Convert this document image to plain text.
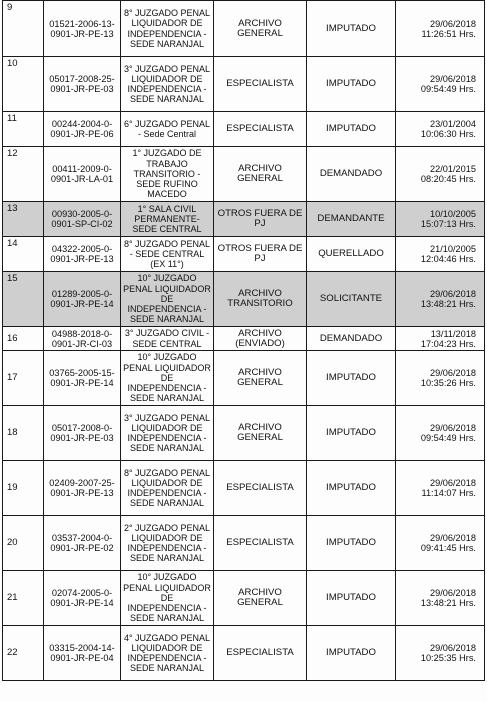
9	01521-2006-13-0901-JR-PE-13	8° JUZGADO PENAL LIQUIDADOR DE INDEPENDENCIA - SEDE NARANJAL	ARCHIVO GENERAL	IMPUTADO	29/06/2018
11:26:51 Hrs.

10	05017-2008-25-0901-JR-PE-03	3° JUZGADO PENAL LIQUIDADOR DE INDEPENDENCIA - SEDE NARANJAL	ESPECIALISTA	IMPUTADO	29/06/2018
09:54:49 Hrs.

11	00244-2004-0-0901-JR-PE-06	6° JUZGADO PENAL - Sede Central	ESPECIALISTA	IMPUTADO	23/01/2004
10:06:30 Hrs.

12	00411-2009-0-0901-JR-LA-01	1° JUZGADO DE TRABAJO TRANSITORIO - SEDE RUFINO MACEDO	ARCHIVO GENERAL	DEMANDADO	22/01/2015
08:20:45 Hrs.

13	00930-2005-0-0901-SP-CI-02	1° SALA CIVIL PERMANENTE-SEDE CENTRAL	OTROS FUERA DE PJ	DEMANDANTE	10/10/2005
15:07:13 Hrs.

14	04322-2005-0-0901-JR-PE-13	8° JUZGADO PENAL - SEDE CENTRAL (EX 11°)	OTROS FUERA DE PJ	QUERELLADO	21/10/2005
12:04:46 Hrs.

15	01289-2005-0-0901-JR-PE-14	10° JUZGADO PENAL LIQUIDADOR DE INDEPENDENCIA - SEDE NARANJAL	ARCHIVO TRANSITORIO	SOLICITANTE	29/06/2018
13:48:21 Hrs.

16	04988-2018-0-0901-JR-CI-03	3° JUZGADO CIVIL - SEDE CENTRAL	ARCHIVO (ENVIADO)	DEMANDADO	13/11/2018
17:04:23 Hrs.

17	03765-2005-15-0901-JR-PE-14	10° JUZGADO PENAL LIQUIDADOR DE INDEPENDENCIA - SEDE NARANJAL	ARCHIVO GENERAL	IMPUTADO	29/06/2018
10:35:26 Hrs.

18	05017-2008-0-0901-JR-PE-03	3° JUZGADO PENAL LIQUIDADOR DE INDEPENDENCIA - SEDE NARANJAL	ARCHIVO GENERAL	IMPUTADO	29/06/2018
09:54:49 Hrs.

19	02409-2007-25-0901-JR-PE-13	8° JUZGADO PENAL LIQUIDADOR DE INDEPENDENCIA - SEDE NARANJAL	ESPECIALISTA	IMPUTADO	29/06/2018
11:14:07 Hrs.

20	03537-2004-0-0901-JR-PE-02	2° JUZGADO PENAL LIQUIDADOR DE INDEPENDENCIA - SEDE NARANJAL	ESPECIALISTA	IMPUTADO	29/06/2018
09:41:45 Hrs.

21	02074-2005-0-0901-JR-PE-14	10° JUZGADO PENAL LIQUIDADOR DE INDEPENDENCIA - SEDE NARANJAL	ARCHIVO GENERAL	IMPUTADO	29/06/2018
13:48:21 Hrs.

22	03315-2004-14-0901-JR-PE-04	4° JUZGADO PENAL LIQUIDADOR DE INDEPENDENCIA - SEDE NARANJAL	ESPECIALISTA	IMPUTADO	29/06/2018
10:25:35 Hrs.
